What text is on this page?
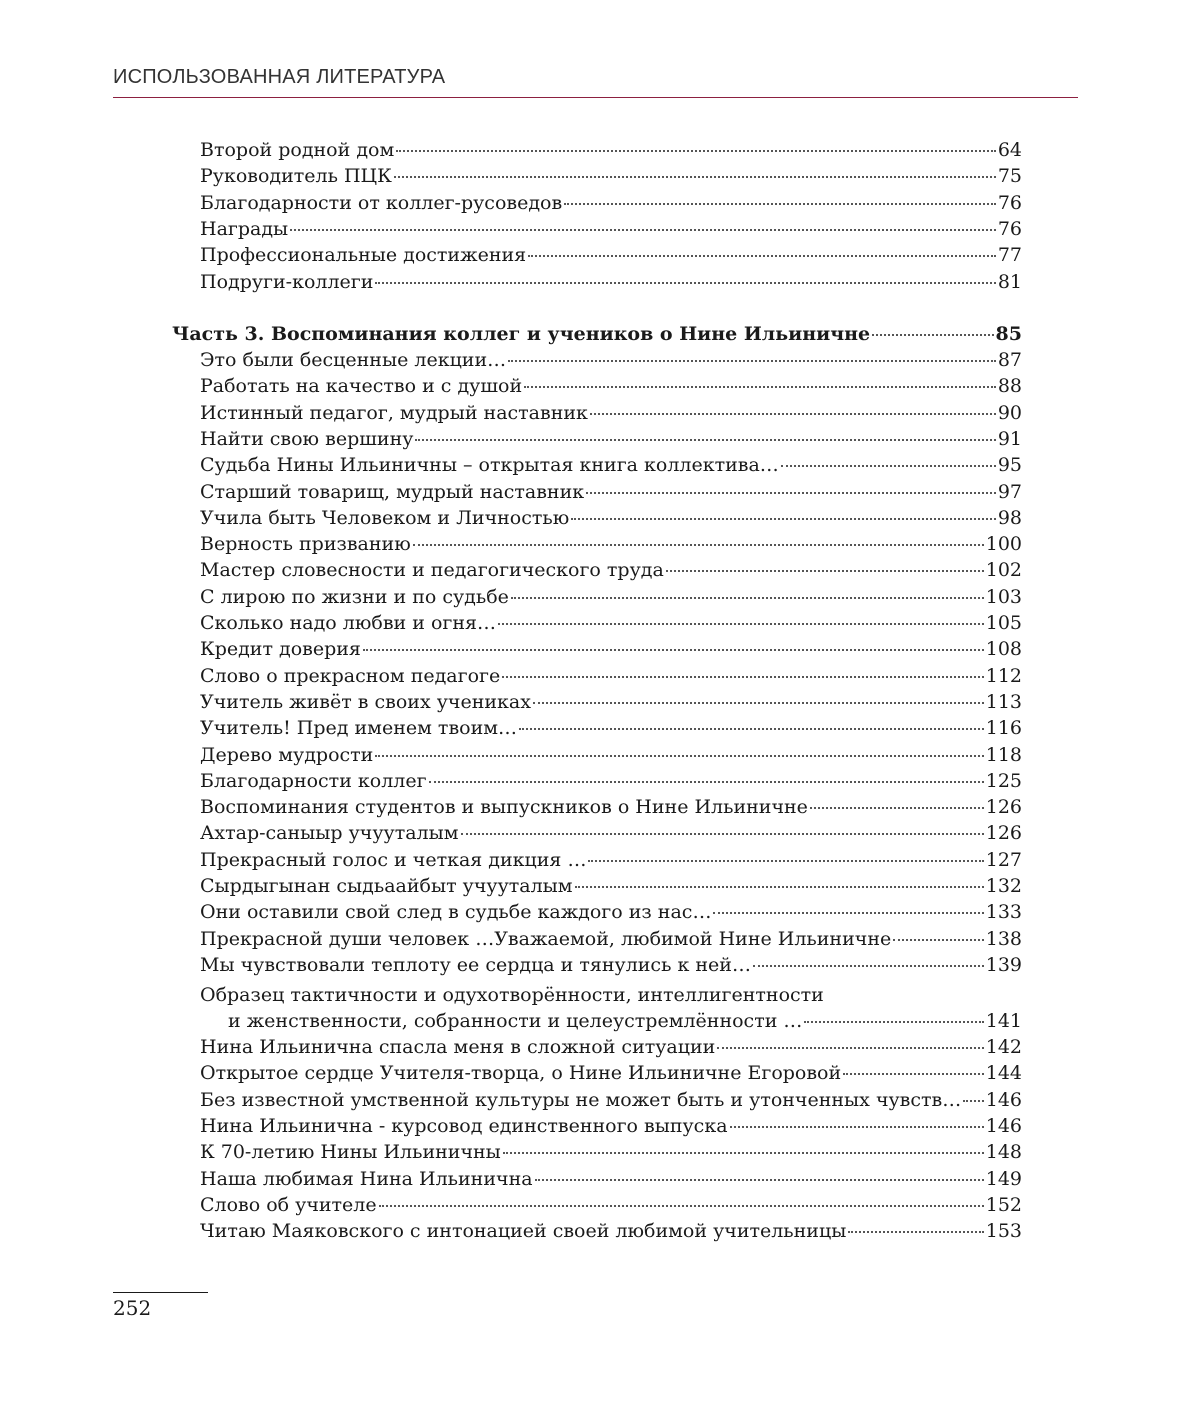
ИСПОЛЬЗОВАННАЯ ЛИТЕРАТУРА
Второй родной дом	64
Руководитель ПЦК	75
Благодарности от коллег-русоведов	76
Награды	76
Профессиональные достижения	77
Подруги-коллеги	81
Часть 3. Воспоминания коллег и учеников о Нине Ильиничне	85
Это были бесценные лекции…	87
Работать на качество и с душой	88
Истинный педагог, мудрый наставник	90
Найти свою вершину	91
Судьба Нины Ильиничны – открытая книга коллектива…	95
Старший товарищ, мудрый наставник	97
Учила быть Человеком и Личностью	98
Верность призванию	100
Мастер словесности и педагогического труда	102
С лирою по жизни и по судьбе	103
Сколько надо любви и огня…	105
Кредит доверия	108
Слово о прекрасном педагоге	112
Учитель живёт в своих учениках	113
Учитель! Пред именем твоим…	116
Дерево мудрости	118
Благодарности коллег	125
Воспоминания студентов и выпускников о Нине Ильиничне	126
Ахтар-саныыр учууталым	126
Прекрасный голос и четкая дикция …	127
Сырдыгынан сыдьаайбыт учууталым	132
Они оставили свой след в судьбе каждого из нас…	133
Прекрасной души человек …Уважаемой, любимой Нине Ильиничне	138
Мы чувствовали теплоту ее сердца и тянулись к ней…	139
Образец тактичности и одухотворённости, интеллигентности
и женственности, собранности и целеустремлённости …	141
Нина Ильинична спасла меня в сложной ситуации	142
Открытое сердце Учителя-творца, о Нине Ильиничне Егоровой	144
Без известной умственной культуры не может быть и утонченных чувств… 146
Нина Ильинична - курсовод единственного выпуска	146
К 70-летию Нины Ильиничны	148
Наша любимая Нина Ильинична	149
Слово об учителе	152
Читаю Маяковского с интонацией своей любимой учительницы	153
252
